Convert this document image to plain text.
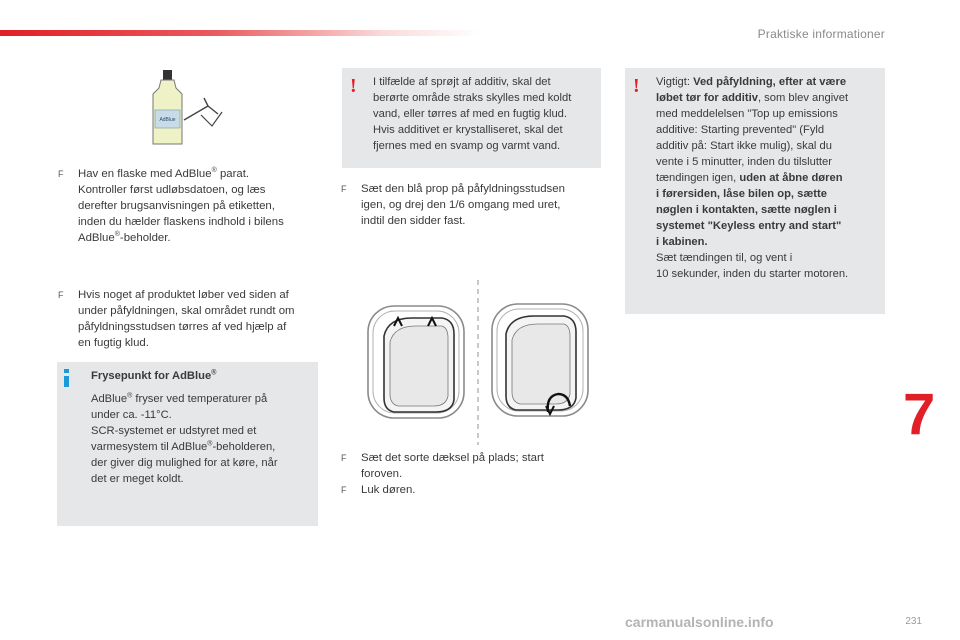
Praktiske informationer
7
231
carmanualsonline.info
AdBlue
F	Hav en flaske med AdBlue® parat.
Kontroller først udløbsdatoen, og læs
derefter brugsanvisningen på etiketten,
inden du hælder flaskens indhold i bilens
AdBlue®-beholder.
F	Hvis noget af produktet løber ved siden af
under påfyldningen, skal området rundt om
påfyldningsstudsen tørres af ved hjælp af
en fugtig klud.
Frysepunkt for AdBlue®
AdBlue® fryser ved temperaturer på
under ca. -11°C.
SCR-systemet er udstyret med et
varmesystem til AdBlue®-beholderen,
der giver dig mulighed for at køre, når
det er meget koldt.
! I tilfælde af sprøjt af additiv, skal det
berørte område straks skylles med koldt
vand, eller tørres af med en fugtig klud.
Hvis additivet er krystalliseret, skal det
fjernes med en svamp og varmt vand.
F	Sæt den blå prop på påfyldningsstudsen
igen, og drej den 1/6 omgang med uret,
indtil den sidder fast.
F	Sæt det sorte dæksel på plads; start
foroven.
F	Luk døren.
! Vigtigt: Ved påfyldning, efter at være
løbet tør for additiv, som blev angivet
med meddelelsen "Top up emissions
additive: Starting prevented" (Fyld
additiv på: Start ikke mulig), skal du
vente i 5 minutter, inden du tilslutter
tændingen igen, uden at åbne døren
i førersiden, låse bilen op, sætte
nøglen i kontakten, sætte nøglen i
systemet "Keyless entry and start"
i kabinen.
Sæt tændingen til, og vent i
10 sekunder, inden du starter motoren.
